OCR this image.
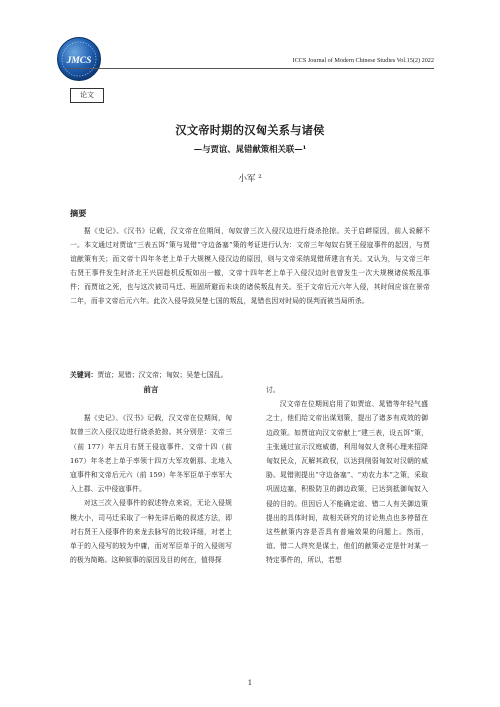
JMCS	ICCS Journal of Modern Chinese Studies Vol.15(2) 2022
论文
汉文帝时期的汉匈关系与诸侯
—与贾谊、晁错献策相关联—¹
小军 ²
摘要
据《史记》、《汉书》记载，汉文帝在位期间，匈奴曾三次入侵汉边进行烧杀抢掠。关于启衅原因，前人说解不一。本文通过对贾谊“三表五饵”策与晁错“守边备塞”策的考证进行认为：文帝三年匈奴右贤王侵寇事件的起因，与贾谊献策有关；而文帝十四年冬老上单于大规模入侵汉边的原因，则与文帝采纳晁错所建言有关。又认为，与文帝三年右贤王事件发生时济北王兴居趁机反叛如出一辙，文帝十四年老上单于入侵汉边时也曾发生一次大规模诸侯叛乱事件；而贾谊之死，也与这次被司马迁、班固所避而未谈的诸侯叛乱有关。至于文帝后元六年入侵，其时间应该在景帝二年，而非文帝后元六年。此次入侵导致吴楚七国的叛乱，晁错也因对时局的误判而被当局所杀。
关键词：贾谊；晁错；汉文帝；匈奴；吴楚七国乱。
前言

据《史记》、《汉书》记载，汉文帝在位期间，匈奴曾三次入侵汉边进行烧杀抢掠。其分别是：文帝三（前 177）年五月右贤王侵寇事件、文帝十四（前 167）年冬老上单于率领十四万大军攻朝那、北地入寇事件和文帝后元六（前 159）年冬军臣单于率军大入上郡、云中侵寇事件。

对这三次入侵事件的叙述特点来说，无论入侵规模大小，司马迁采取了一种先详后略的叙述方法，即对右贤王入侵事件的来龙去脉写的比较详细，对老上单于的入侵写的较为中庸，而对军臣单于的入侵则写的极为简略。这种叙事的原因及目的何在，值得探

讨。

汉文帝在位期间启用了如贾谊、晁错等年轻气盛之士，他们给文帝出谋划策，提出了诸多有成效的御边政策。如贾谊向汉文帝献上“建三表，设五饵”策，主张通过宣示汉庭威德，利用匈奴人贪利心理来招降匈奴民众，瓦解其政权，以达到削弱匈奴对汉朝的威胁。晁错则提出“守边备塞”、“劝农力本”之策，采取巩固边塞，积极防卫的御边政策，已达到抵御匈奴入侵的目的。但因后人不能确定谊、错二人有关御边策提出的具体时间，故相关研究的讨论焦点也多停留在这些献策内容是否具有普遍效果的问题上。然而，谊、错二人终究是谋士，他们的献策必定是针对某一特定事件的，所以，若想

1
